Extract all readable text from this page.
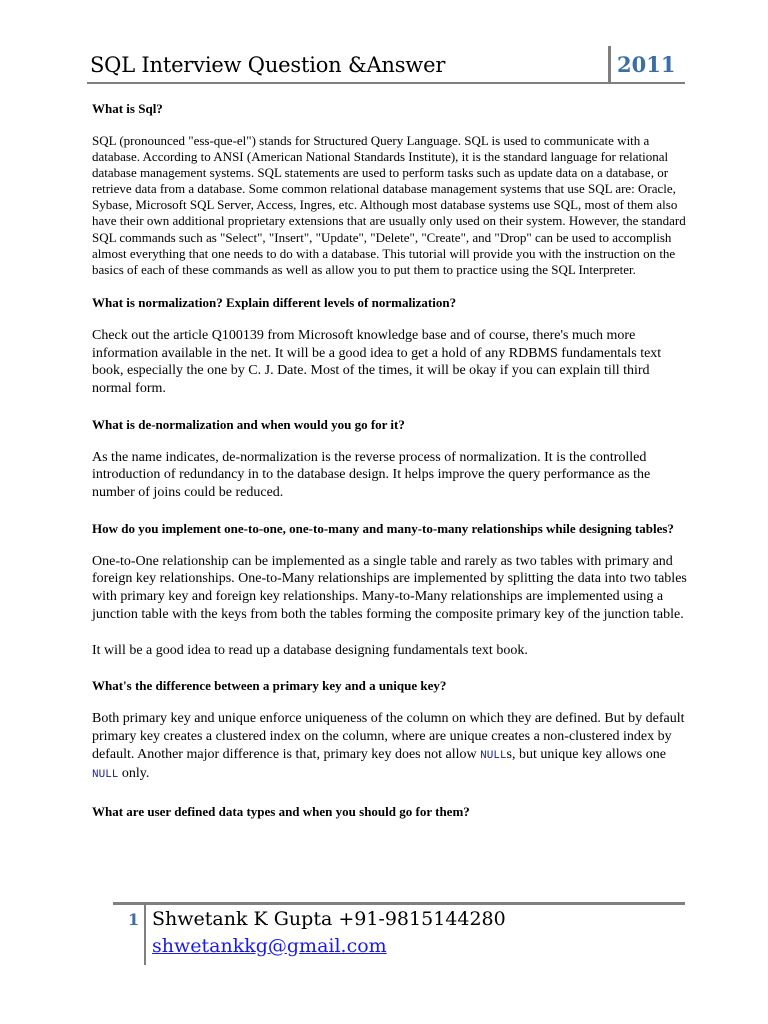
SQL Interview Question &Answer	2011
What is Sql?
SQL (pronounced "ess-que-el") stands for Structured Query Language. SQL is used to communicate with a database. According to ANSI (American National Standards Institute), it is the standard language for relational database management systems. SQL statements are used to perform tasks such as update data on a database, or retrieve data from a database. Some common relational database management systems that use SQL are: Oracle, Sybase, Microsoft SQL Server, Access, Ingres, etc. Although most database systems use SQL, most of them also have their own additional proprietary extensions that are usually only used on their system. However, the standard SQL commands such as "Select", "Insert", "Update", "Delete", "Create", and "Drop" can be used to accomplish almost everything that one needs to do with a database. This tutorial will provide you with the instruction on the basics of each of these commands as well as allow you to put them to practice using the SQL Interpreter.
What is normalization? Explain different levels of normalization?
Check out the article Q100139 from Microsoft knowledge base and of course, there's much more information available in the net. It will be a good idea to get a hold of any RDBMS fundamentals text book, especially the one by C. J. Date. Most of the times, it will be okay if you can explain till third normal form.
What is de-normalization and when would you go for it?
As the name indicates, de-normalization is the reverse process of normalization. It is the controlled introduction of redundancy in to the database design. It helps improve the query performance as the number of joins could be reduced.
How do you implement one-to-one, one-to-many and many-to-many relationships while designing tables?
One-to-One relationship can be implemented as a single table and rarely as two tables with primary and foreign key relationships. One-to-Many relationships are implemented by splitting the data into two tables with primary key and foreign key relationships. Many-to-Many relationships are implemented using a junction table with the keys from both the tables forming the composite primary key of the junction table.
It will be a good idea to read up a database designing fundamentals text book.
What's the difference between a primary key and a unique key?
Both primary key and unique enforce uniqueness of the column on which they are defined. But by default primary key creates a clustered index on the column, where are unique creates a non-clustered index by default. Another major difference is that, primary key does not allow NULLs, but unique key allows one NULL only.
What are user defined data types and when you should go for them?
1 Shwetank K Gupta +91-9815144280
shwetankkg@gmail.com
